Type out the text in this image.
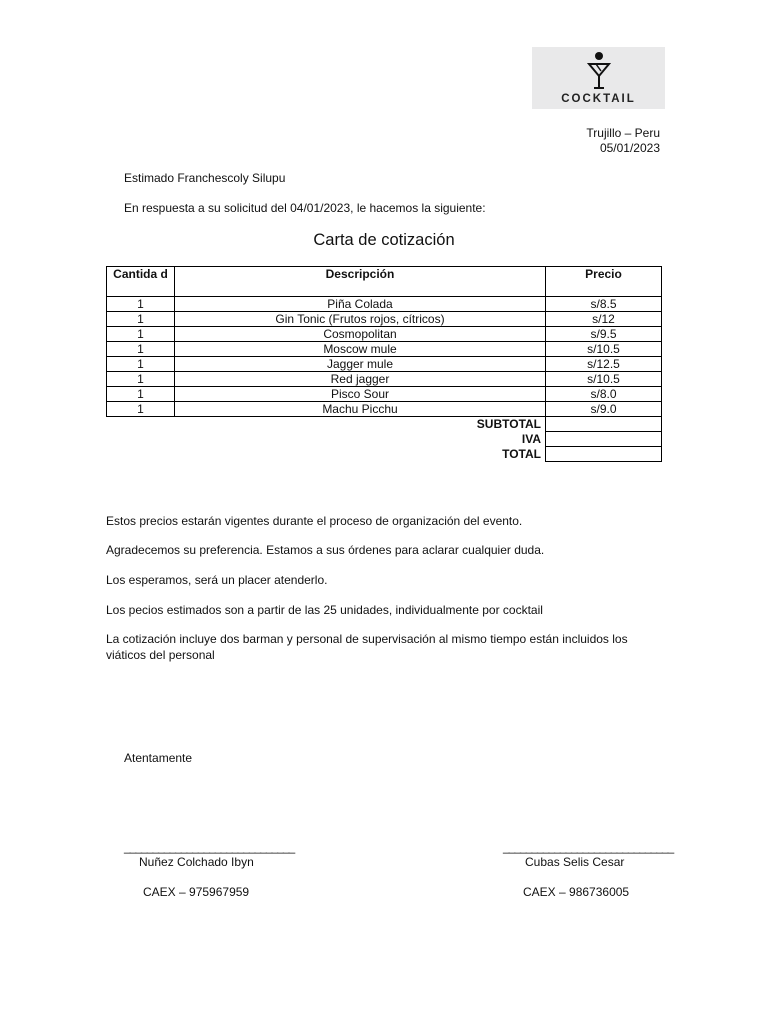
COCKTAIL
Trujillo – Peru
05/01/2023
Estimado Franchescoly Silupu
En respuesta a su solicitud del 04/01/2023, le hacemos la siguiente:
Carta de cotización
Cantida d	Descripción	Precio
1	Piña Colada	s/8.5
1	Gin Tonic (Frutos rojos, cítricos)	s/12
1	Cosmopolitan	s/9.5
1	Moscow mule	s/10.5
1	Jagger mule	s/12.5
1	Red jagger	s/10.5
1	Pisco Sour	s/8.0
1	Machu Picchu	s/9.0
	SUBTOTAL	
	IVA	
	TOTAL	
Estos precios estarán vigentes durante el proceso de organización del evento.
Agradecemos su preferencia. Estamos a sus órdenes para aclarar cualquier duda.
Los esperamos, será un placer atenderlo.
Los pecios estimados son a partir de las 25 unidades, individualmente por cocktail
La cotización incluye dos barman y personal de supervisación al mismo tiempo están incluidos los
viáticos del personal
Atentamente
______________________________
Nuñez Colchado Ibyn
CAEX – 975967959
______________________________
Cubas Selis Cesar
CAEX – 986736005
